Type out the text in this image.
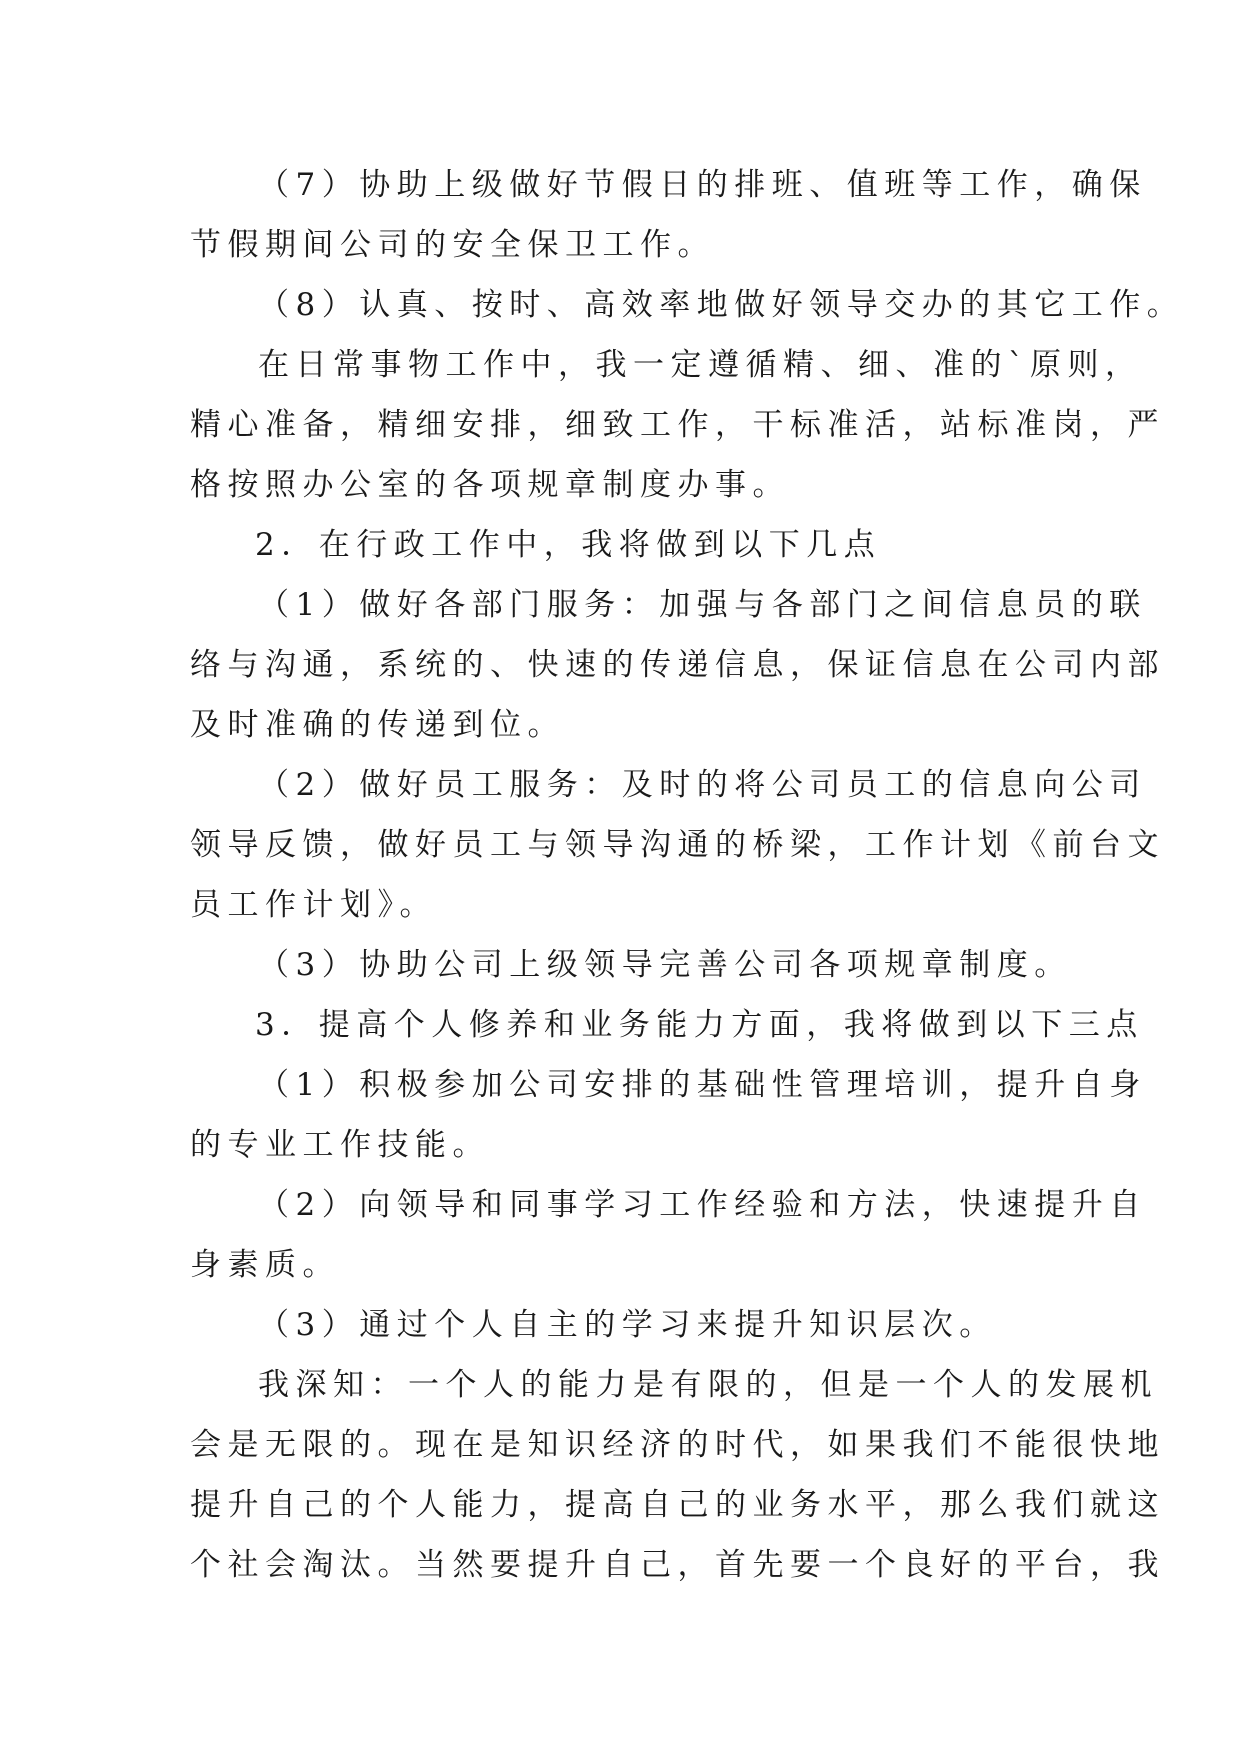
（7）协助上级做好节假日的排班、值班等工作，确保
节假期间公司的安全保卫工作。
（8）认真、按时、高效率地做好领导交办的其它工作。
在日常事物工作中，我一定遵循精、细、准的`原则，
精心准备，精细安排，细致工作，干标准活，站标准岗，严
格按照办公室的各项规章制度办事。
2．在行政工作中，我将做到以下几点
（1）做好各部门服务：加强与各部门之间信息员的联
络与沟通，系统的、快速的传递信息，保证信息在公司内部
及时准确的传递到位。
（2）做好员工服务：及时的将公司员工的信息向公司
领导反馈，做好员工与领导沟通的桥梁，工作计划《前台文
员工作计划》。
（3）协助公司上级领导完善公司各项规章制度。
3．提高个人修养和业务能力方面，我将做到以下三点
（1）积极参加公司安排的基础性管理培训，提升自身
的专业工作技能。
（2）向领导和同事学习工作经验和方法，快速提升自
身素质。
（3）通过个人自主的学习来提升知识层次。
我深知：一个人的能力是有限的，但是一个人的发展机
会是无限的。现在是知识经济的时代，如果我们不能很快地
提升自己的个人能力，提高自己的业务水平，那么我们就这
个社会淘汰。当然要提升自己，首先要一个良好的平台，我
